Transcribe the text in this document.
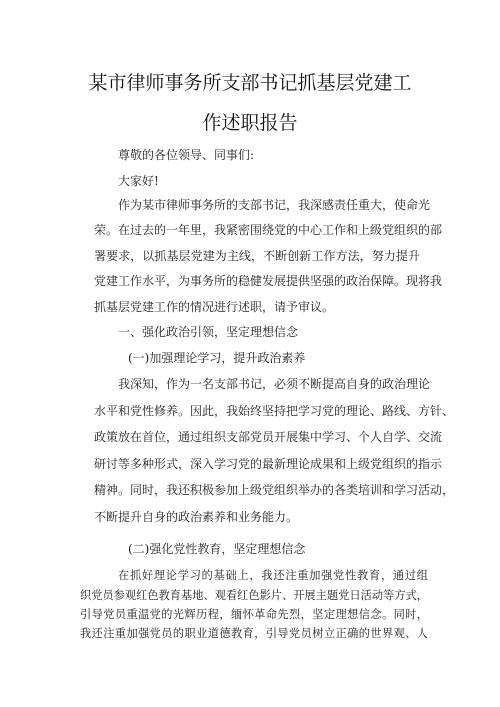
某市律师事务所支部书记抓基层党建工
作述职报告
尊敬的各位领导、同事们:
大家好!
作为某市律师事务所的支部书记，我深感责任重大，使命光
荣。在过去的一年里，我紧密围绕党的中心工作和上级党组织的部
署要求，以抓基层党建为主线，不断创新工作方法，努力提升
党建工作水平，为事务所的稳健发展提供坚强的政治保障。现将我
抓基层党建工作的情况进行述职，请予审议。
一、强化政治引领，坚定理想信念
(一)加强理论学习，提升政治素养
我深知，作为一名支部书记，必须不断提高自身的政治理论
水平和党性修养。因此，我始终坚持把学习党的理论、路线、方针、
政策放在首位，通过组织支部党员开展集中学习、个人自学、交流
研讨等多种形式，深入学习党的最新理论成果和上级党组织的指示
精神。同时，我还积极参加上级党组织举办的各类培训和学习活动，
不断提升自身的政治素养和业务能力。
(二)强化党性教育，坚定理想信念
在抓好理论学习的基础上，我还注重加强党性教育，通过组
织党员参观红色教育基地、观看红色影片、开展主题党日活动等方式，
引导党员重温党的光辉历程，缅怀革命先烈，坚定理想信念。同时，
我还注重加强党员的职业道德教育，引导党员树立正确的世界观、人
